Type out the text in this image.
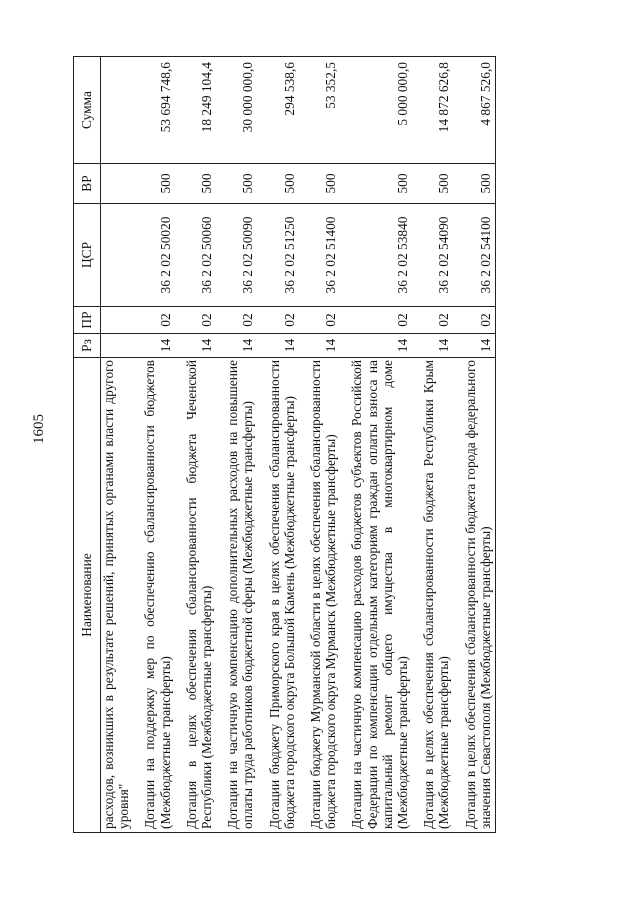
1605
Наименование	Рз	ПР	ЦСР	ВР	Сумма
расходов, возникших в результате решений, принятых органами власти другого уровня"					
Дотации на поддержку мер по обеспечению сбалансированности бюджетов (Межбюджетные трансферты)	14	02	36 2 02 50020	500	53 694 748,6
Дотация в целях обеспечения сбалансированности бюджета Чеченской Республики (Межбюджетные трансферты)	14	02	36 2 02 50060	500	18 249 104,4
Дотации на частичную компенсацию дополнительных расходов на повышение оплаты труда работников бюджетной сферы (Межбюджетные трансферты)	14	02	36 2 02 50090	500	30 000 000,0
Дотации бюджету Приморского края в целях обеспечения сбалансированности бюджета городского округа Большой Камень (Межбюджетные трансферты)	14	02	36 2 02 51250	500	294 538,6
Дотации бюджету Мурманской области в целях обеспечения сбалансированности бюджета городского округа Мурманск (Межбюджетные трансферты)	14	02	36 2 02 51400	500	53 352,5
Дотации на частичную компенсацию расходов бюджетов субъектов Российской Федерации по компенсации отдельным категориям граждан оплаты взноса на капитальный ремонт общего имущества в многоквартирном доме (Межбюджетные трансферты)	14	02	36 2 02 53840	500	5 000 000,0
Дотация в целях обеспечения сбалансированности бюджета Республики Крым (Межбюджетные трансферты)	14	02	36 2 02 54090	500	14 872 626,8
Дотация в целях обеспечения сбалансированности бюджета города федерального значения Севастополя (Межбюджетные трансферты)	14	02	36 2 02 54100	500	4 867 526,0
